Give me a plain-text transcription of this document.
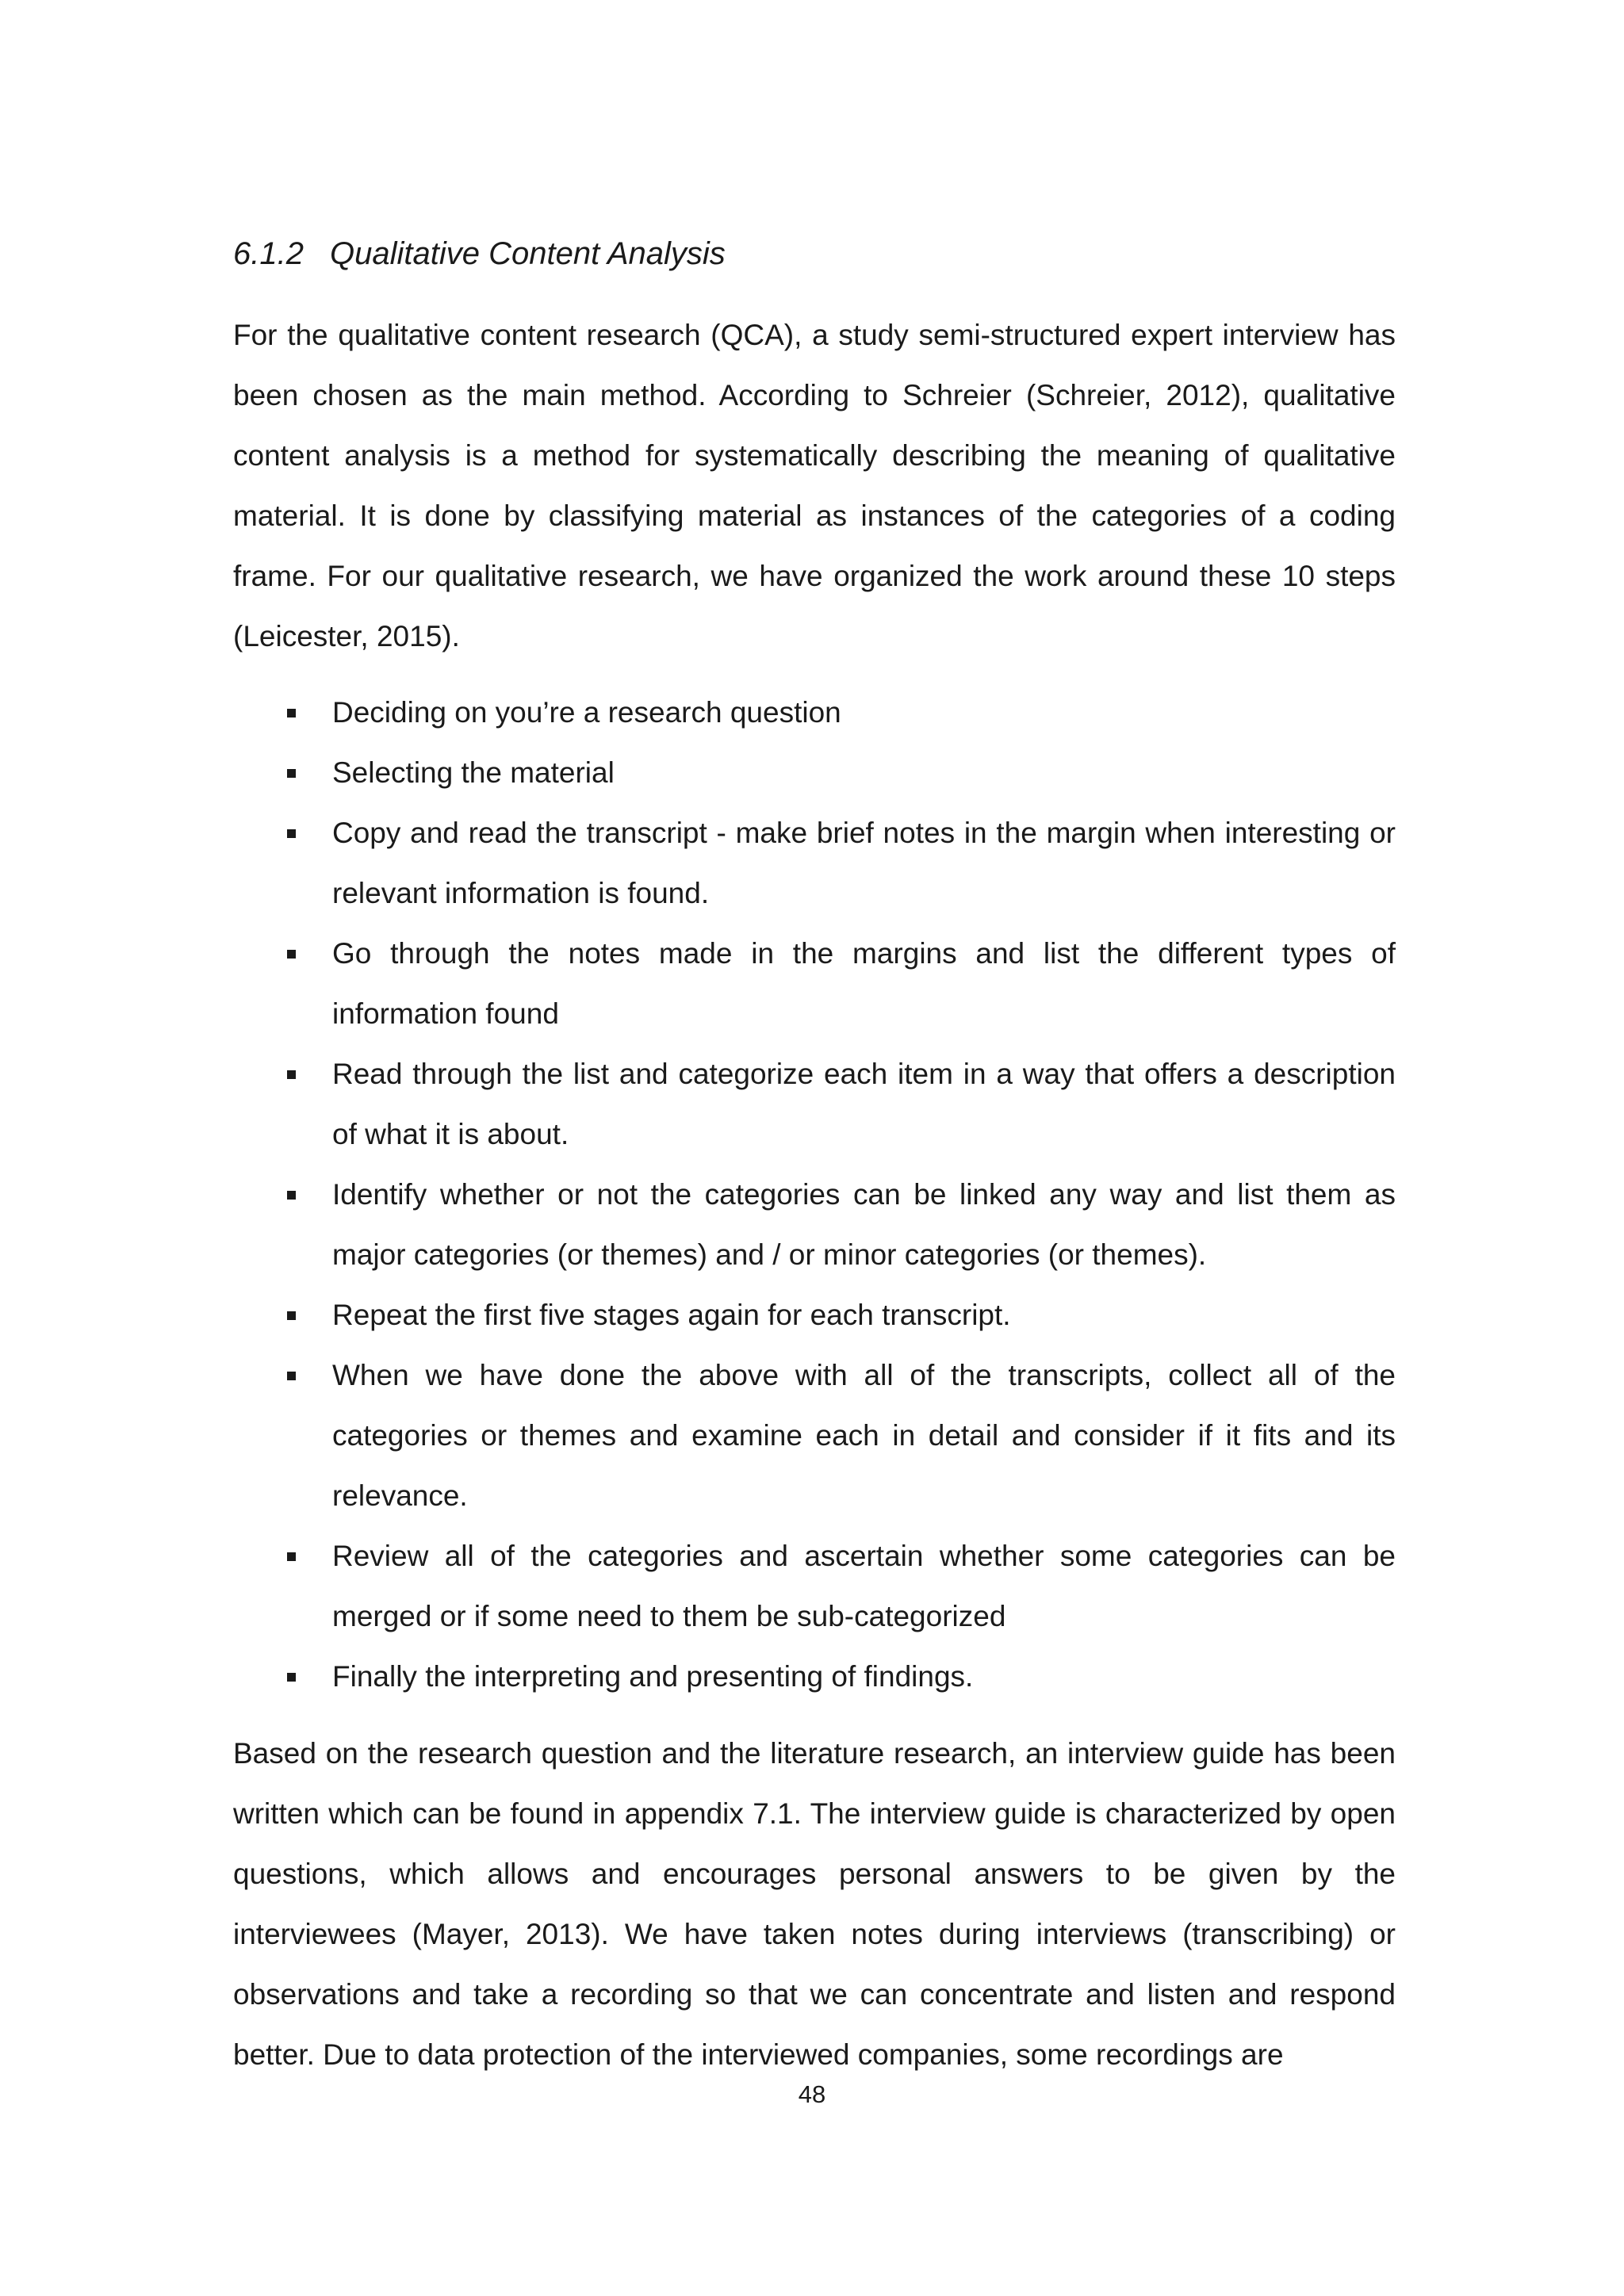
6.1.2 Qualitative Content Analysis

For the qualitative content research (QCA), a study semi-structured expert interview has been chosen as the main method. According to Schreier (Schreier, 2012), qualitative content analysis is a method for systematically describing the meaning of qualitative material. It is done by classifying material as instances of the categories of a coding frame. For our qualitative research, we have organized the work around these 10 steps (Leicester, 2015).

Deciding on you’re a research question
Selecting the material
Copy and read the transcript - make brief notes in the margin when interesting or relevant information is found.
Go through the notes made in the margins and list the different types of information found
Read through the list and categorize each item in a way that offers a description of what it is about.
Identify whether or not the categories can be linked any way and list them as major categories (or themes) and / or minor categories (or themes).
Repeat the first five stages again for each transcript.
When we have done the above with all of the transcripts, collect all of the categories or themes and examine each in detail and consider if it fits and its relevance.
Review all of the categories and ascertain whether some categories can be merged or if some need to them be sub-categorized
Finally the interpreting and presenting of findings.

Based on the research question and the literature research, an interview guide has been written which can be found in appendix 7.1. The interview guide is characterized by open questions, which allows and encourages personal answers to be given by the interviewees (Mayer, 2013). We have taken notes during interviews (transcribing) or observations and take a recording so that we can concentrate and listen and respond better. Due to data protection of the interviewed companies, some recordings are

48
